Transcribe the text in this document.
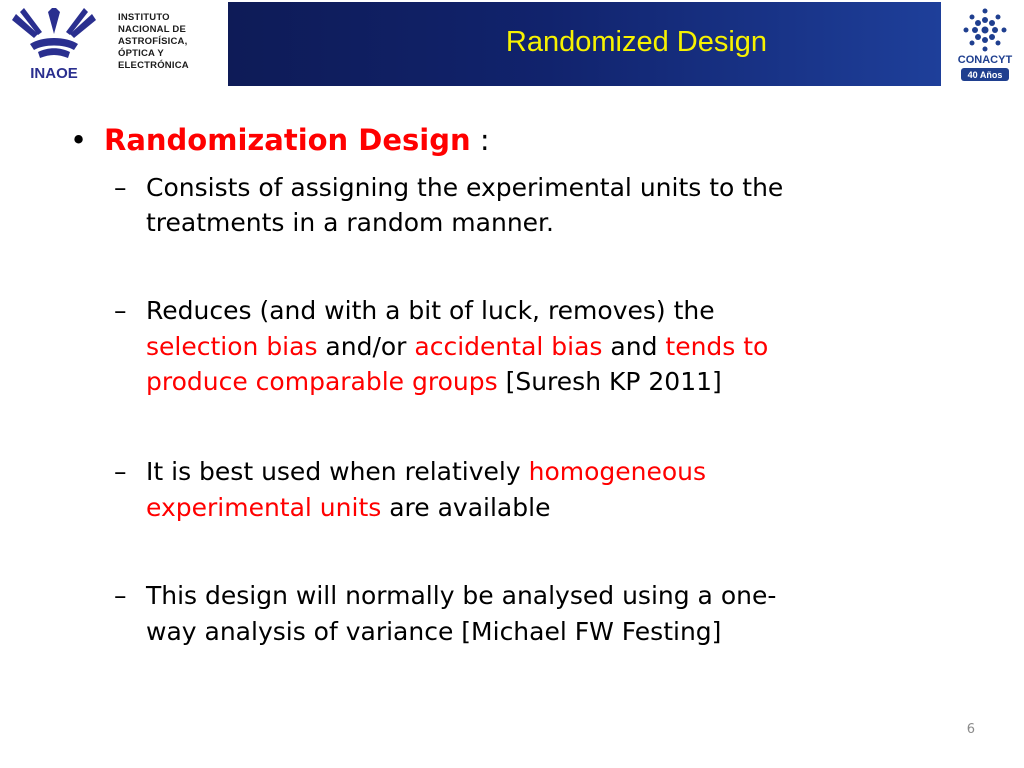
INAOE
INSTITUTO
NACIONAL DE
ASTROFÍSICA,
ÓPTICA Y
ELECTRÓNICA
Randomized Design
CONACYT
40 Años
• Randomization Design :
– Consists of assigning the experimental units to the
treatments in a random manner.
– Reduces (and with a bit of luck, removes) the
selection bias and/or accidental bias and tends to
produce comparable groups [Suresh KP 2011]
– It is best used when relatively homogeneous
experimental units are available
– This design will normally be analysed using a one-
way analysis of variance [Michael FW Festing]
6
